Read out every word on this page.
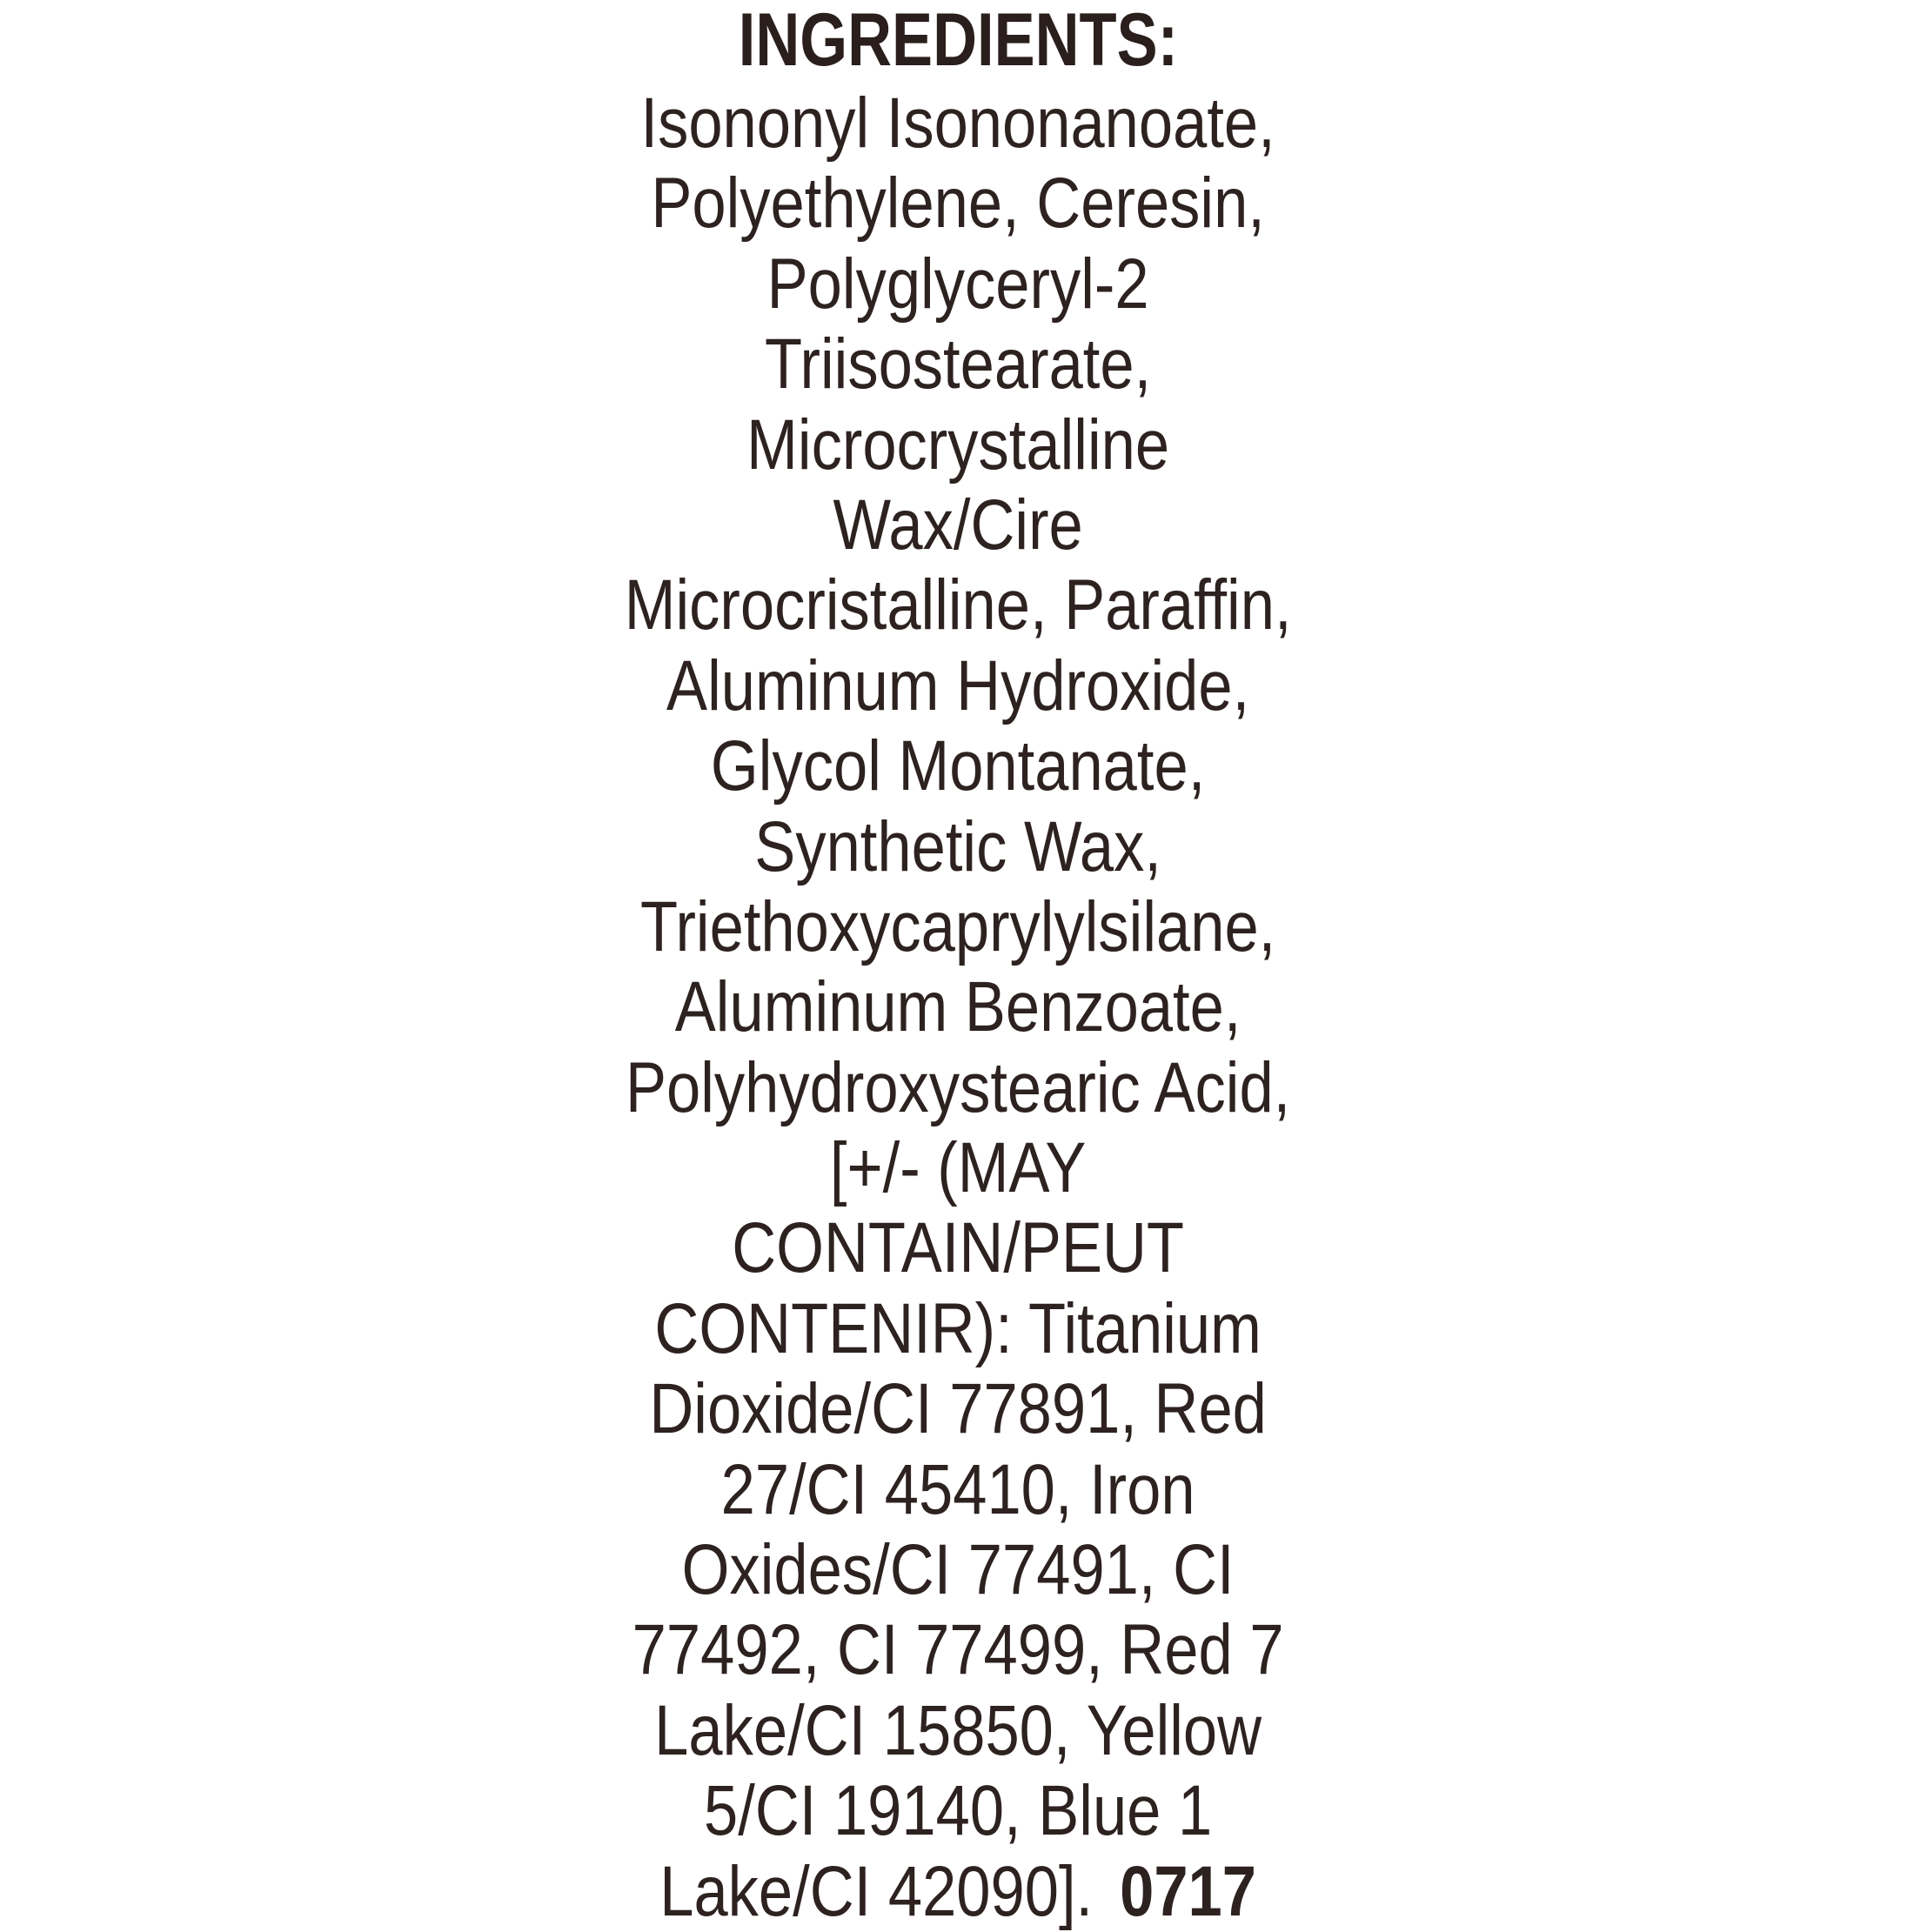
INGREDIENTS:
Isononyl Isononanoate,
Polyethylene, Ceresin,
Polyglyceryl-2
Triisostearate,
Microcrystalline
Wax/Cire
Microcristalline, Paraffin,
Aluminum Hydroxide,
Glycol Montanate,
Synthetic Wax,
Triethoxycaprylylsilane,
Aluminum Benzoate,
Polyhydroxystearic Acid,
[+/- (MAY
CONTAIN/PEUT
CONTENIR): Titanium
Dioxide/CI 77891, Red
27/CI 45410, Iron
Oxides/CI 77491, CI
77492, CI 77499, Red 7
Lake/CI 15850, Yellow
5/CI 19140, Blue 1
Lake/CI 42090]. 0717
